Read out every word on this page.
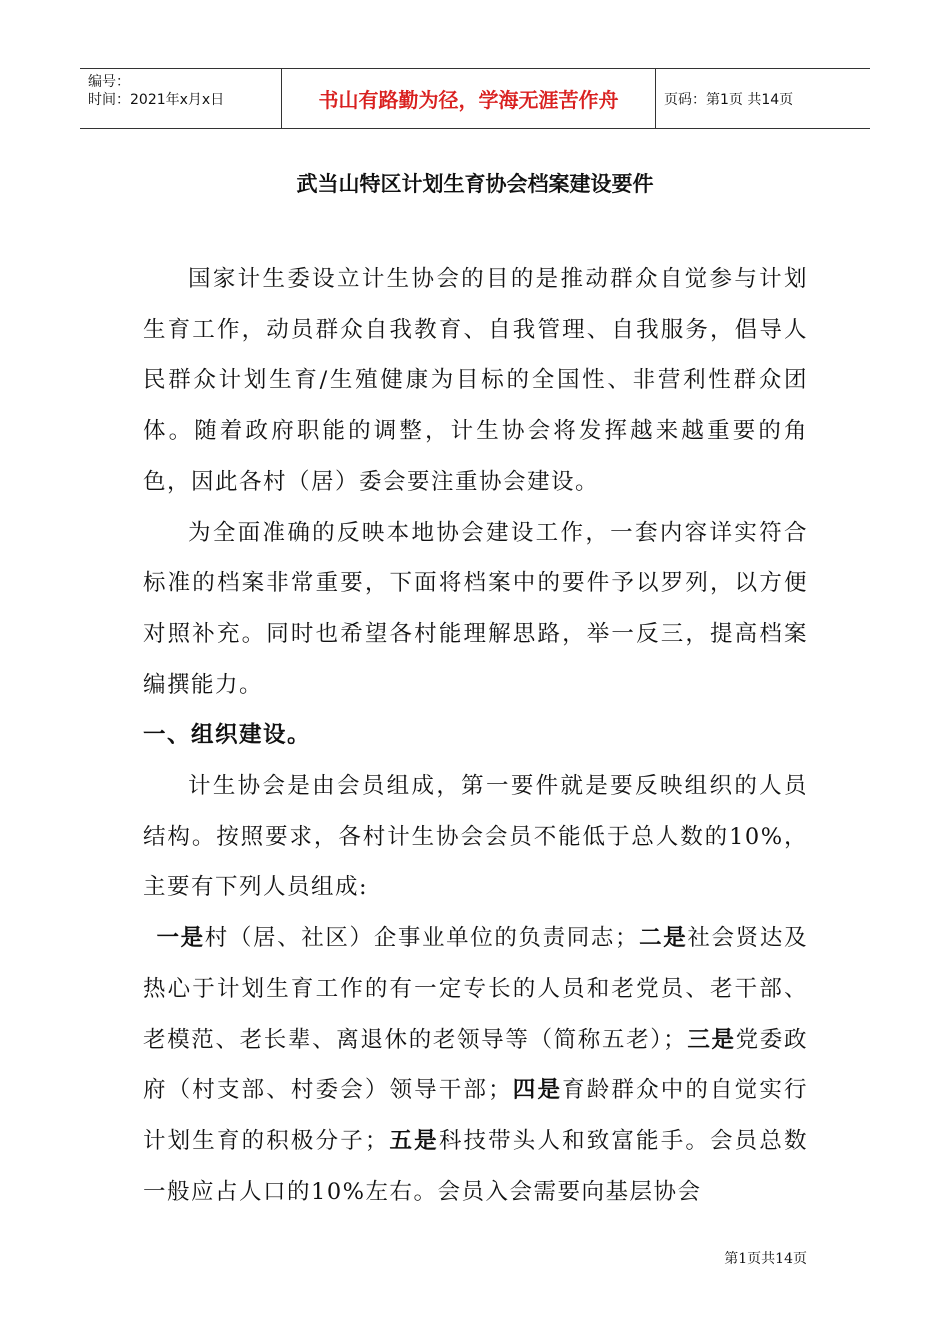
编号：
时间：2021年x月x日	书山有路勤为径，学海无涯苦作舟	页码：第1页 共14页
武当山特区计划生育协会档案建设要件

国家计生委设立计生协会的目的是推动群众自觉参与计划生育工作，动员群众自我教育、自我管理、自我服务，倡导人民群众计划生育/生殖健康为目标的全国性、非营利性群众团体。随着政府职能的调整，计生协会将发挥越来越重要的角色，因此各村（居）委会要注重协会建设。

为全面准确的反映本地协会建设工作，一套内容详实符合标准的档案非常重要，下面将档案中的要件予以罗列，以方便对照补充。同时也希望各村能理解思路，举一反三，提高档案编撰能力。

一、组织建设。

计生协会是由会员组成，第一要件就是要反映组织的人员结构。按照要求，各村计生协会会员不能低于总人数的10%，主要有下列人员组成:

一是村（居、社区）企事业单位的负责同志；二是社会贤达及热心于计划生育工作的有一定专长的人员和老党员、老干部、老模范、老长辈、离退休的老领导等（简称五老）；三是党委政府（村支部、村委会）领导干部；四是育龄群众中的自觉实行计划生育的积极分子；五是科技带头人和致富能手。会员总数一般应占人口的10%左右。会员入会需要向基层协会

第1页共14页
